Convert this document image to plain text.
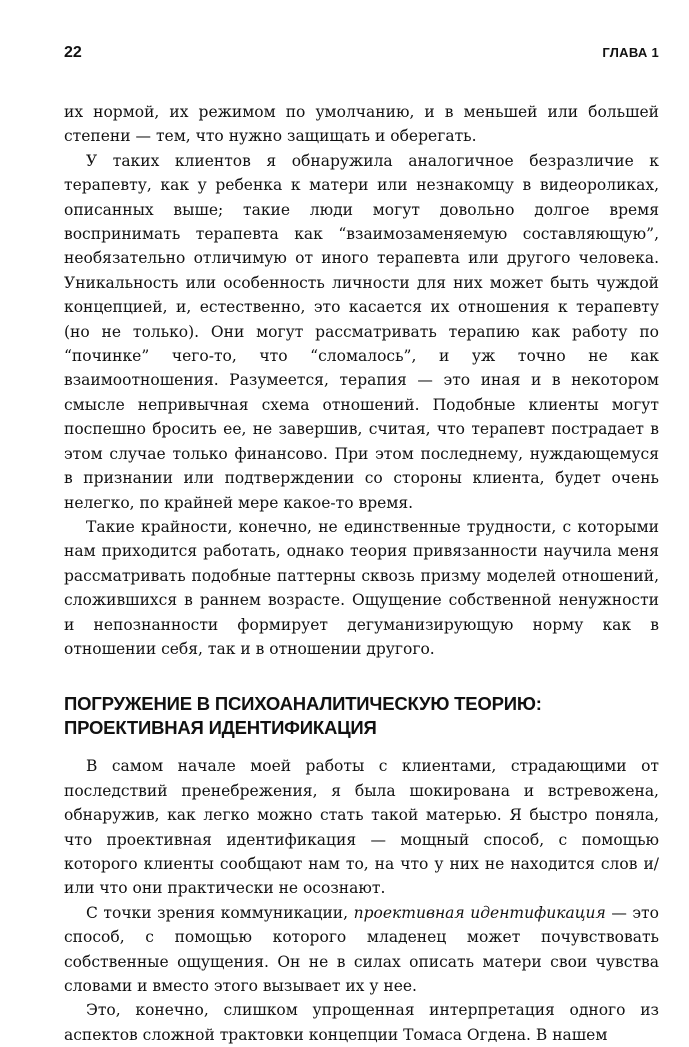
22	ГЛАВА 1

их нормой, их режимом по умолчанию, и в меньшей или большей степени — тем, что нужно защищать и оберегать.

У таких клиентов я обнаружила аналогичное безразличие к терапевту, как у ребенка к матери или незнакомцу в видеороликах, описанных выше; такие люди могут довольно долгое время воспринимать терапевта как “взаимозаменяемую составляющую”, необязательно отличимую от иного терапевта или другого человека. Уникальность или особенность личности для них может быть чуждой концепцией, и, естественно, это касается их отношения к терапевту (но не только). Они могут рассматривать терапию как работу по “починке” чего-то, что “сломалось”, и уж точно не как взаимоотношения. Разумеется, терапия — это иная и в некотором смысле непривычная схема отношений. Подобные клиенты могут поспешно бросить ее, не завершив, считая, что терапевт пострадает в этом случае только финансово. При этом последнему, нуждающемуся в признании или подтверждении со стороны клиента, будет очень нелегко, по крайней мере какое-то время.

Такие крайности, конечно, не единственные трудности, с которыми нам приходится работать, однако теория привязанности научила меня рассматривать подобные паттерны сквозь призму моделей отношений, сложившихся в раннем возрасте. Ощущение собственной ненужности и непознанности формирует дегуманизирующую норму как в отношении себя, так и в отношении другого.

ПОГРУЖЕНИЕ В ПСИХОАНАЛИТИЧЕСКУЮ ТЕОРИЮ:
ПРОЕКТИВНАЯ ИДЕНТИФИКАЦИЯ

В самом начале моей работы с клиентами, страдающими от последствий пренебрежения, я была шокирована и встревожена, обнаружив, как легко можно стать такой матерью. Я быстро поняла, что проективная идентификация — мощный способ, с помощью которого клиенты сообщают нам то, на что у них не находится слов и/или что они практически не осознают.

С точки зрения коммуникации, проективная идентификация — это способ, с помощью которого младенец может почувствовать собственные ощущения. Он не в силах описать матери свои чувства словами и вместо этого вызывает их у нее.

Это, конечно, слишком упрощенная интерпретация одного из аспектов сложной трактовки концепции Томаса Огдена. В нашем
